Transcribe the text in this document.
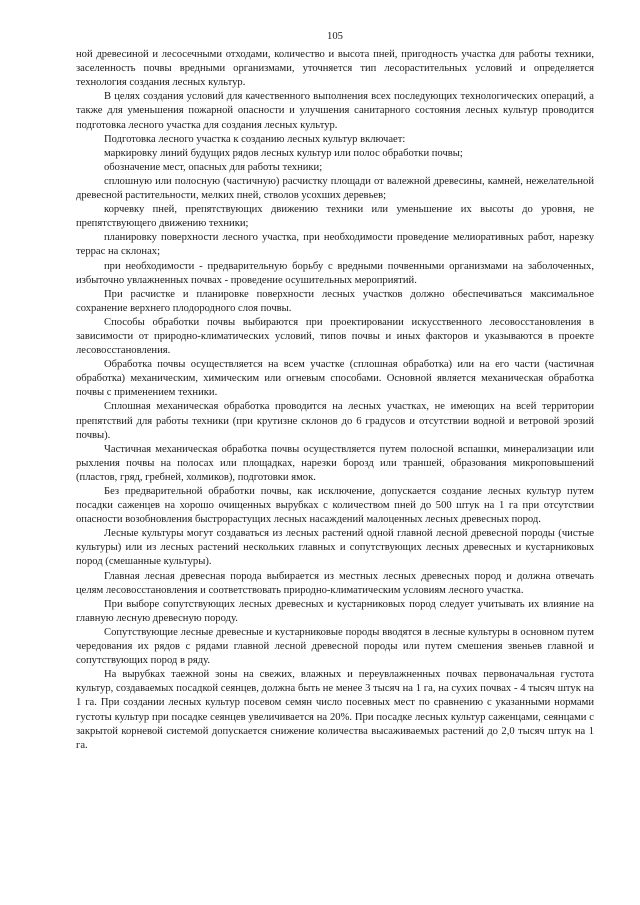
105

ной древесиной и лесосечными отходами, количество и высота пней, пригодность участка для работы техники, заселенность почвы вредными организмами, уточняется тип лесорастительных условий и определяется технология создания лесных культур.

В целях создания условий для качественного выполнения всех последующих технологических операций, а также для уменьшения пожарной опасности и улучшения санитарного состояния лесных культур проводится подготовка лесного участка для создания лесных культур.

Подготовка лесного участка к созданию лесных культур включает:

маркировку линий будущих рядов лесных культур или полос обработки почвы;

обозначение мест, опасных для работы техники;

сплошную или полосную (частичную) расчистку площади от валежной древесины, камней, нежелательной древесной растительности, мелких пней, стволов усохших деревьев;

корчевку пней, препятствующих движению техники или уменьшение их высоты до уровня, не препятствующего движению техники;

планировку поверхности лесного участка, при необходимости проведение мелиоративных работ, нарезку террас на склонах;

при необходимости - предварительную борьбу с вредными почвенными организмами на заболоченных, избыточно увлажненных почвах - проведение осушительных мероприятий.

При расчистке и планировке поверхности лесных участков должно обеспечиваться максимальное сохранение верхнего плодородного слоя почвы.

Способы обработки почвы выбираются при проектировании искусственного лесовосстановления в зависимости от природно-климатических условий, типов почвы и иных факторов и указываются в проекте лесовосстановления.

Обработка почвы осуществляется на всем участке (сплошная обработка) или на его части (частичная обработка) механическим, химическим или огневым способами. Основной является механическая обработка почвы с применением техники.

Сплошная механическая обработка проводится на лесных участках, не имеющих на всей территории препятствий для работы техники (при крутизне склонов до 6 градусов и отсутствии водной и ветровой эрозий почвы).

Частичная механическая обработка почвы осуществляется путем полосной вспашки, минерализации или рыхления почвы на полосах или площадках, нарезки борозд или траншей, образования микроповышений (пластов, гряд, гребней, холмиков), подготовки ямок.

Без предварительной обработки почвы, как исключение, допускается создание лесных культур путем посадки саженцев на хорошо очищенных вырубках с количеством пней до 500 штук на 1 га при отсутствии опасности возобновления быстрорастущих лесных насаждений малоценных лесных древесных пород.

Лесные культуры могут создаваться из лесных растений одной главной лесной древесной породы (чистые культуры) или из лесных растений нескольких главных и сопутствующих лесных древесных и кустарниковых пород (смешанные культуры).

Главная лесная древесная порода выбирается из местных лесных древесных пород и должна отвечать целям лесовосстановления и соответствовать природно-климатическим условиям лесного участка.

При выборе сопутствующих лесных древесных и кустарниковых пород следует учитывать их влияние на главную лесную древесную породу.

Сопутствующие лесные древесные и кустарниковые породы вводятся в лесные культуры в основном путем чередования их рядов с рядами главной лесной древесной породы или путем смешения звеньев главной и сопутствующих пород в ряду.

На вырубках таежной зоны на свежих, влажных и переувлажненных почвах первоначальная густота культур, создаваемых посадкой сеянцев, должна быть не менее 3 тысяч на 1 га, на сухих почвах - 4 тысяч штук на 1 га. При создании лесных культур посевом семян число посевных мест по сравнению с указанными нормами густоты культур при посадке сеянцев увеличивается на 20%. При посадке лесных культур саженцами, сеянцами с закрытой корневой системой допускается снижение количества высаживаемых растений до 2,0 тысяч штук на 1 га.
